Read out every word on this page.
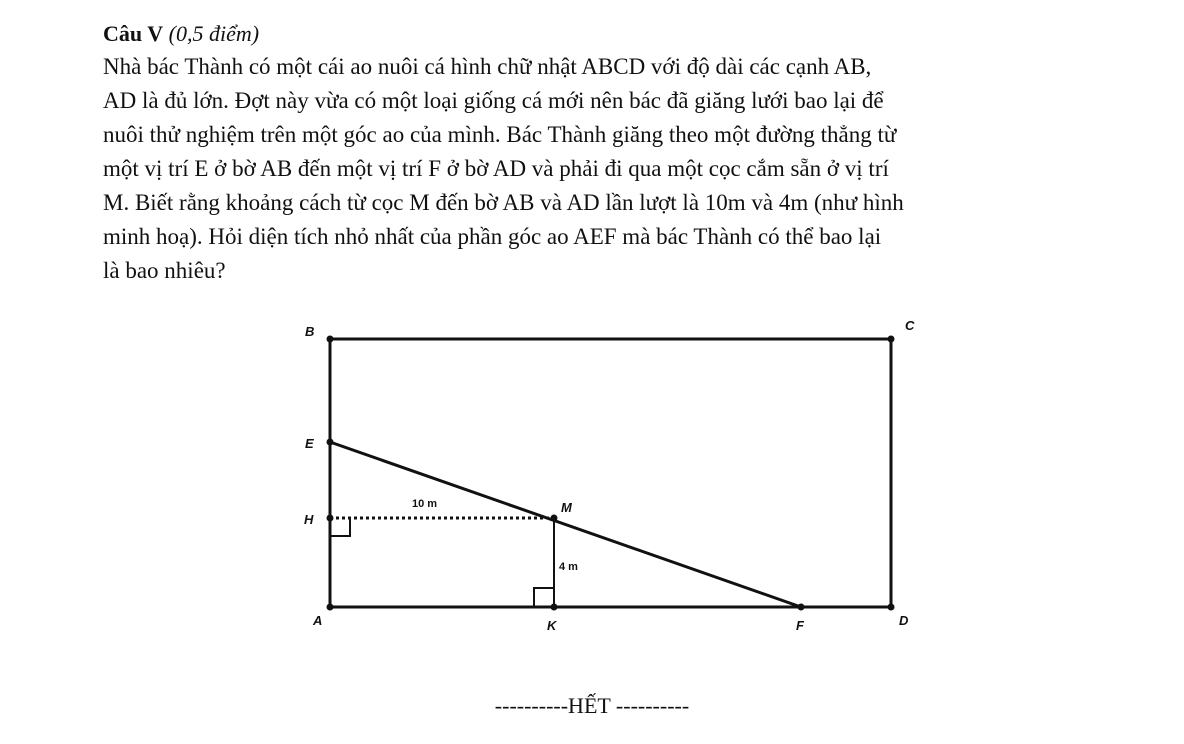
Câu V (0,5 điểm)
Nhà bác Thành có một cái ao nuôi cá hình chữ nhật ABCD với độ dài các cạnh AB,
AD là đủ lớn. Đợt này vừa có một loại giống cá mới nên bác đã giăng lưới bao lại để
nuôi thử nghiệm trên một góc ao của mình. Bác Thành giăng theo một đường thẳng từ
một vị trí E ở bờ AB đến một vị trí F ở bờ AD và phải đi qua một cọc cắm sẵn ở vị trí
M. Biết rằng khoảng cách từ cọc M đến bờ AB và AD lần lượt là 10m và 4m (như hình
minh hoạ). Hỏi diện tích nhỏ nhất của phần góc ao AEF mà bác Thành có thể bao lại
là bao nhiêu?
B	C
E
H
M
A	K	F	D
10 m
4 m
----------HẾT ----------
